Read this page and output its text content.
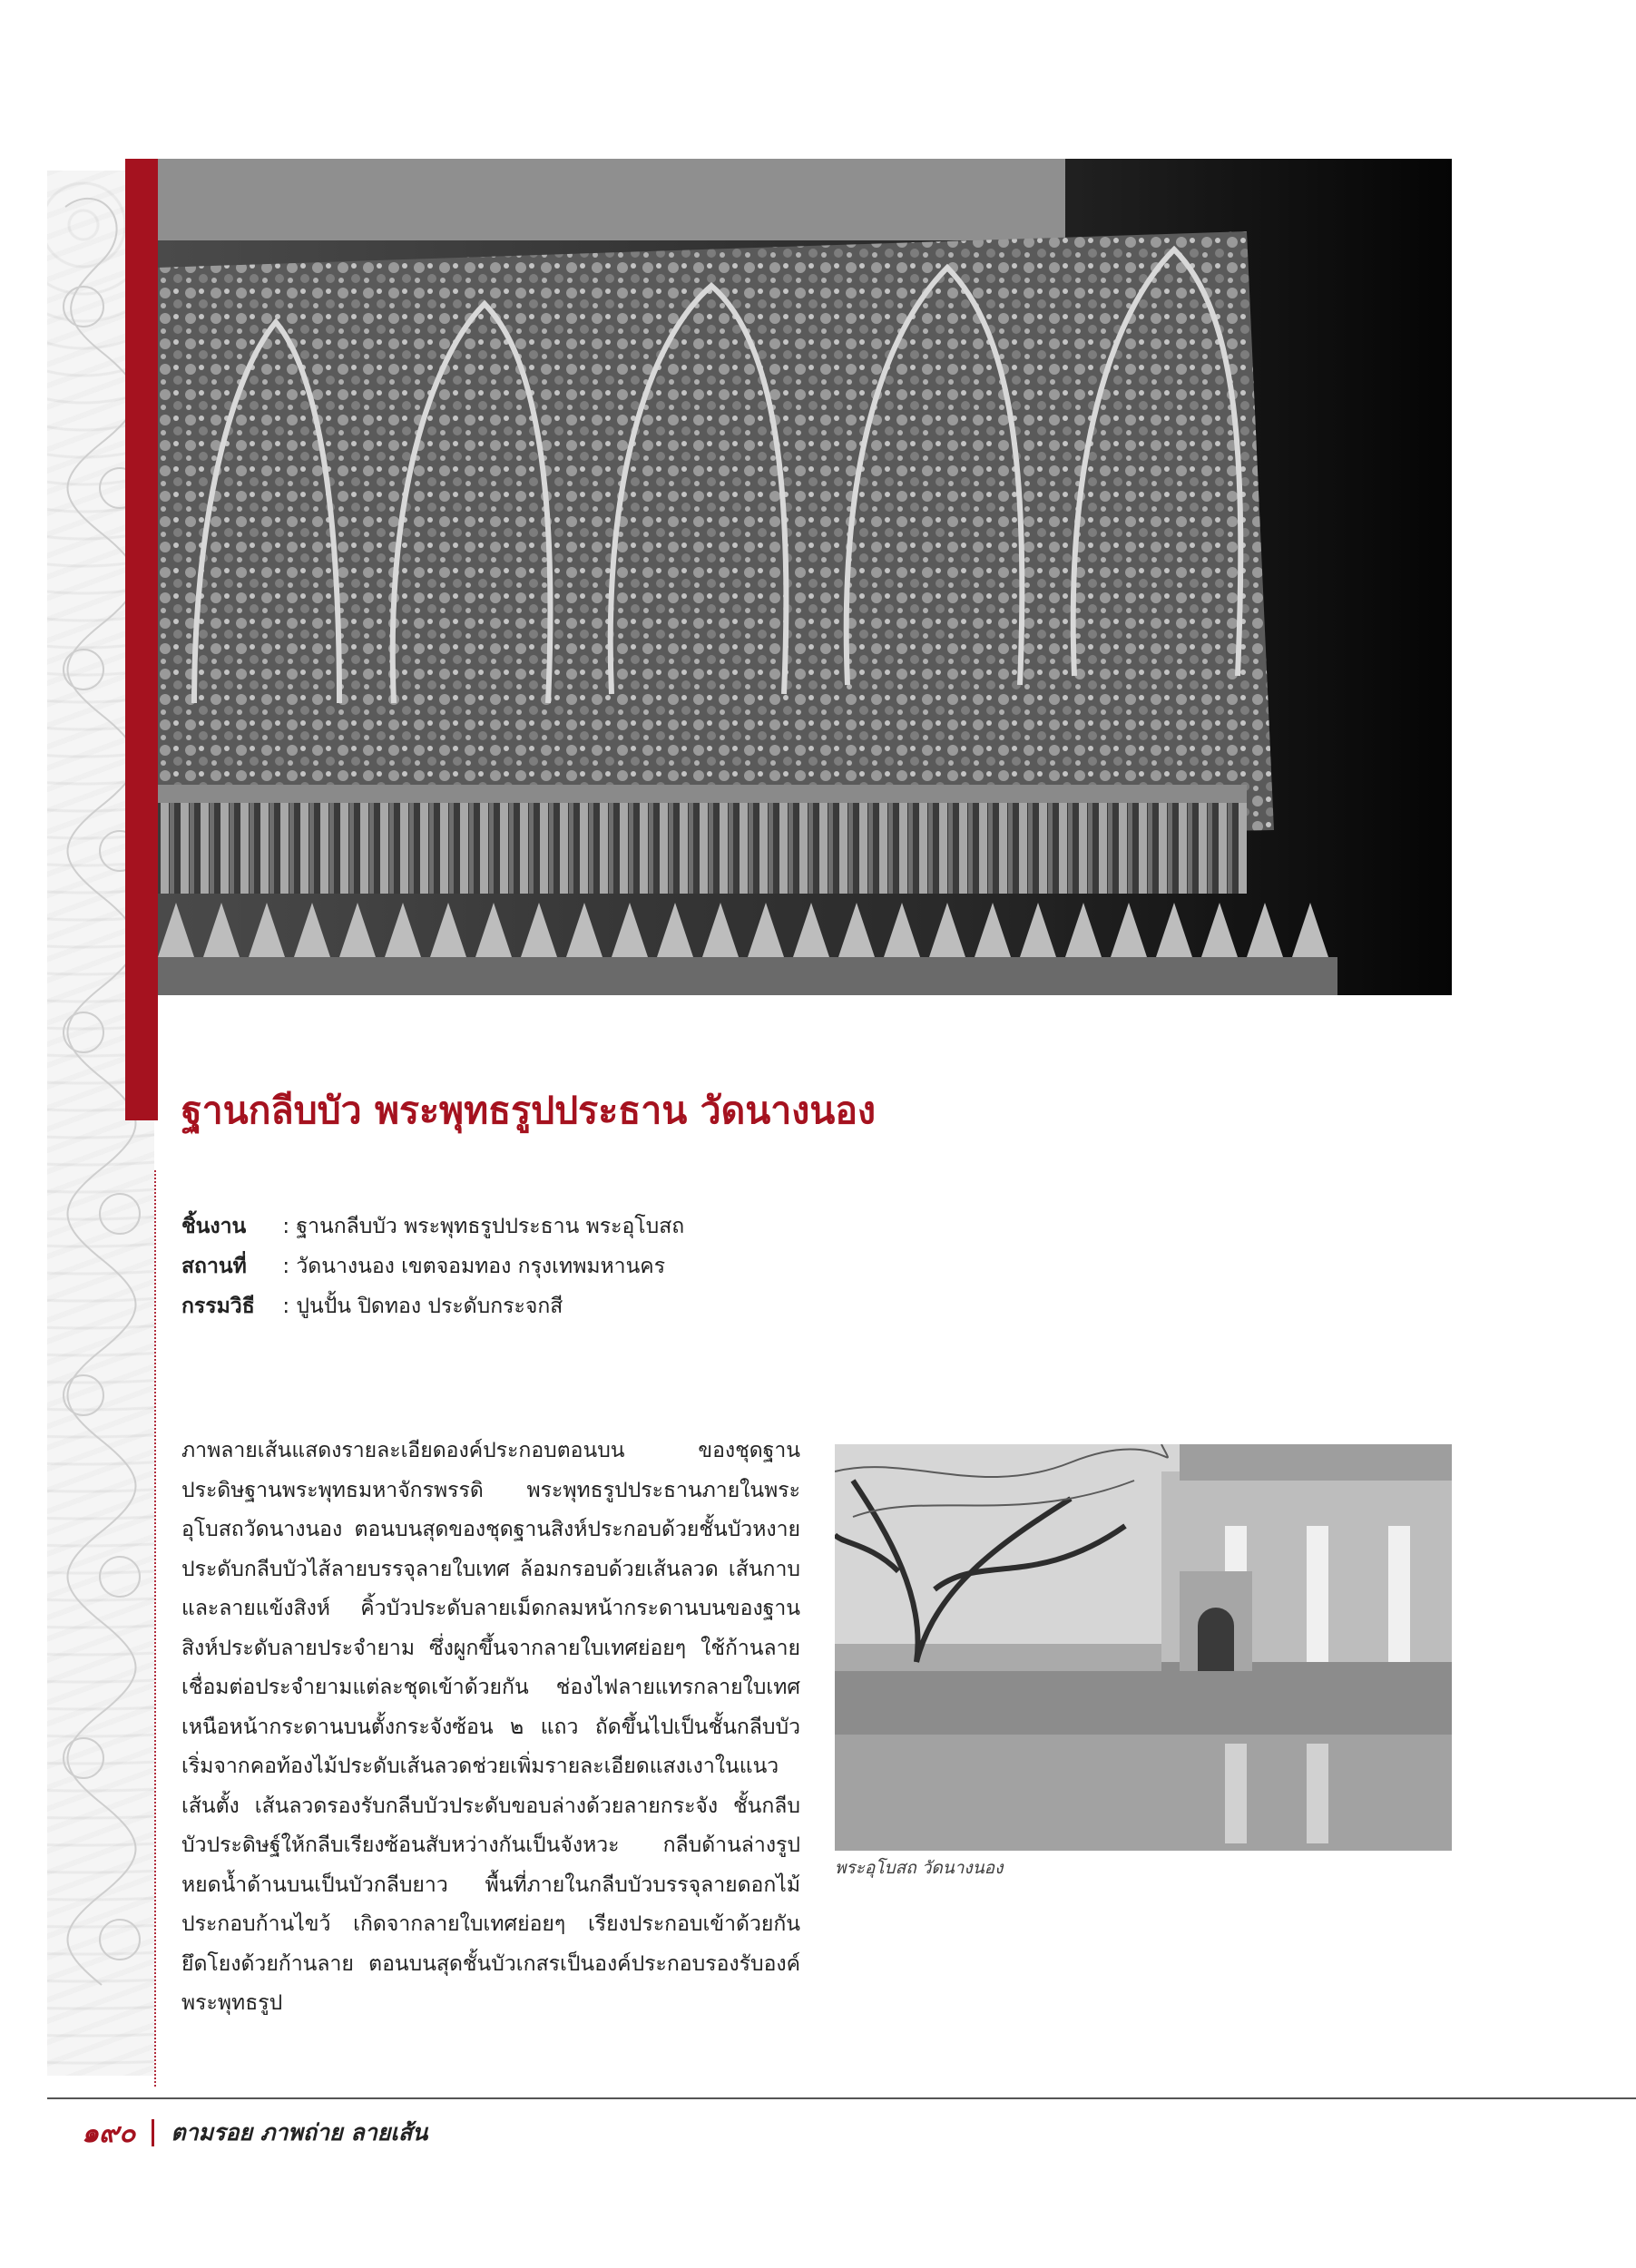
ฐานกลีบบัว พระพุทธรูปประธาน วัดนางนอง
ชิ้นงาน : ฐานกลีบบัว พระพุทธรูปประธาน พระอุโบสถ
สถานที่ : วัดนางนอง เขตจอมทอง กรุงเทพมหานคร
กรรมวิธี : ปูนปั้น ปิดทอง ประดับกระจกสี

ภาพลายเส้นแสดงรายละเอียดองค์ประกอบตอนบน ของชุดฐานประดิษฐานพระพุทธมหาจักรพรรดิ พระพุทธรูปประธานภายในพระอุโบสถวัดนางนอง ตอนบนสุดของชุดฐานสิงห์ประกอบด้วยชั้นบัวหงาย ประดับกลีบบัวไส้ลายบรรจุลายใบเทศ ล้อมกรอบด้วยเส้นลวด เส้นกาบ และลายแข้งสิงห์ คิ้วบัวประดับลายเม็ดกลมหน้ากระดานบนของฐานสิงห์ประดับลายประจำยาม ซึ่งผูกขึ้นจากลายใบเทศย่อยๆ ใช้ก้านลายเชื่อมต่อประจำยามแต่ละชุดเข้าด้วยกัน ช่องไฟลายแทรกลายใบเทศ เหนือหน้ากระดานบนตั้งกระจังซ้อน ๒ แถว ถัดขึ้นไปเป็นชั้นกลีบบัว เริ่มจากคอท้องไม้ประดับเส้นลวดช่วยเพิ่มรายละเอียดแสงเงาในแนวเส้นตั้ง เส้นลวดรองรับกลีบบัวประดับขอบล่างด้วยลายกระจัง ชั้นกลีบบัวประดิษฐ์ให้กลีบเรียงซ้อนสับหว่างกันเป็นจังหวะ กลีบด้านล่างรูปหยดน้ำด้านบนเป็นบัวกลีบยาว พื้นที่ภายในกลีบบัวบรรจุลายดอกไม้ประกอบก้านไขว้ เกิดจากลายใบเทศย่อยๆ เรียงประกอบเข้าด้วยกัน ยึดโยงด้วยก้านลาย ตอนบนสุดชั้นบัวเกสรเป็นองค์ประกอบรองรับองค์พระพุทธรูป

พระอุโบสถ วัดนางนอง
๑๙๐ ตามรอย ภาพถ่าย ลายเส้น
